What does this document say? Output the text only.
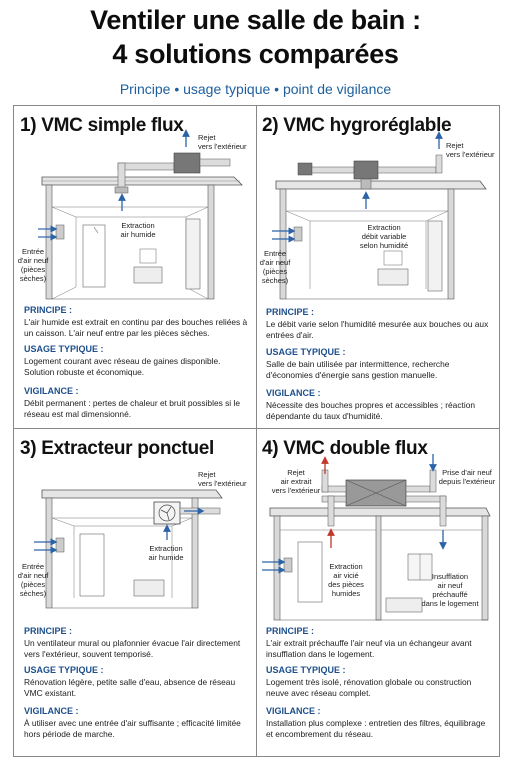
Ventiler une salle de bain :
4 solutions comparées
Principe • usage typique • point de vigilance
1) VMC simple flux
Rejet
vers l'extérieur
Extraction
air humide
Entrée
d'air neuf
(pièces
sèches)
PRINCIPE :
L'air humide est extrait en continu par des bouches reliées à un caisson. L'air neuf entre par les pièces sèches.
USAGE TYPIQUE :
Logement courant avec réseau de gaines disponible. Solution robuste et économique.
VIGILANCE :
Débit permanent : pertes de chaleur et bruit possibles si le réseau est mal dimensionné.
2) VMC hygroréglable
Rejet
vers l'extérieur
Extraction
débit variable
selon humidité
Entrée
d'air neuf
(pièces
sèches)
PRINCIPE :
Le débit varie selon l'humidité mesurée aux bouches ou aux entrées d'air.
USAGE TYPIQUE :
Salle de bain utilisée par intermittence, recherche d'économies d'énergie sans gestion manuelle.
VIGILANCE :
Nécessite des bouches propres et accessibles ; réaction dépendante du taux d'humidité.
3) Extracteur ponctuel
Rejet
vers l'extérieur
Extraction
air humide
Entrée
d'air neuf
(pièces
sèches)
PRINCIPE :
Un ventilateur mural ou plafonnier évacue l'air directement vers l'extérieur, souvent temporisé.
USAGE TYPIQUE :
Rénovation légère, petite salle d'eau, absence de réseau VMC existant.
VIGILANCE :
À utiliser avec une entrée d'air suffisante ; efficacité limitée hors période de marche.
4) VMC double flux
Rejet
air extrait
vers l'extérieur
Prise d'air neuf
depuis l'extérieur
Extraction
air vicié
des pièces
humides
Insufflation
air neuf
préchauffé
dans le logement
PRINCIPE :
L'air extrait préchauffe l'air neuf via un échangeur avant insufflation dans le logement.
USAGE TYPIQUE :
Logement très isolé, rénovation globale ou construction neuve avec réseau complet.
VIGILANCE :
Installation plus complexe : entretien des filtres, équilibrage et encombrement du réseau.
